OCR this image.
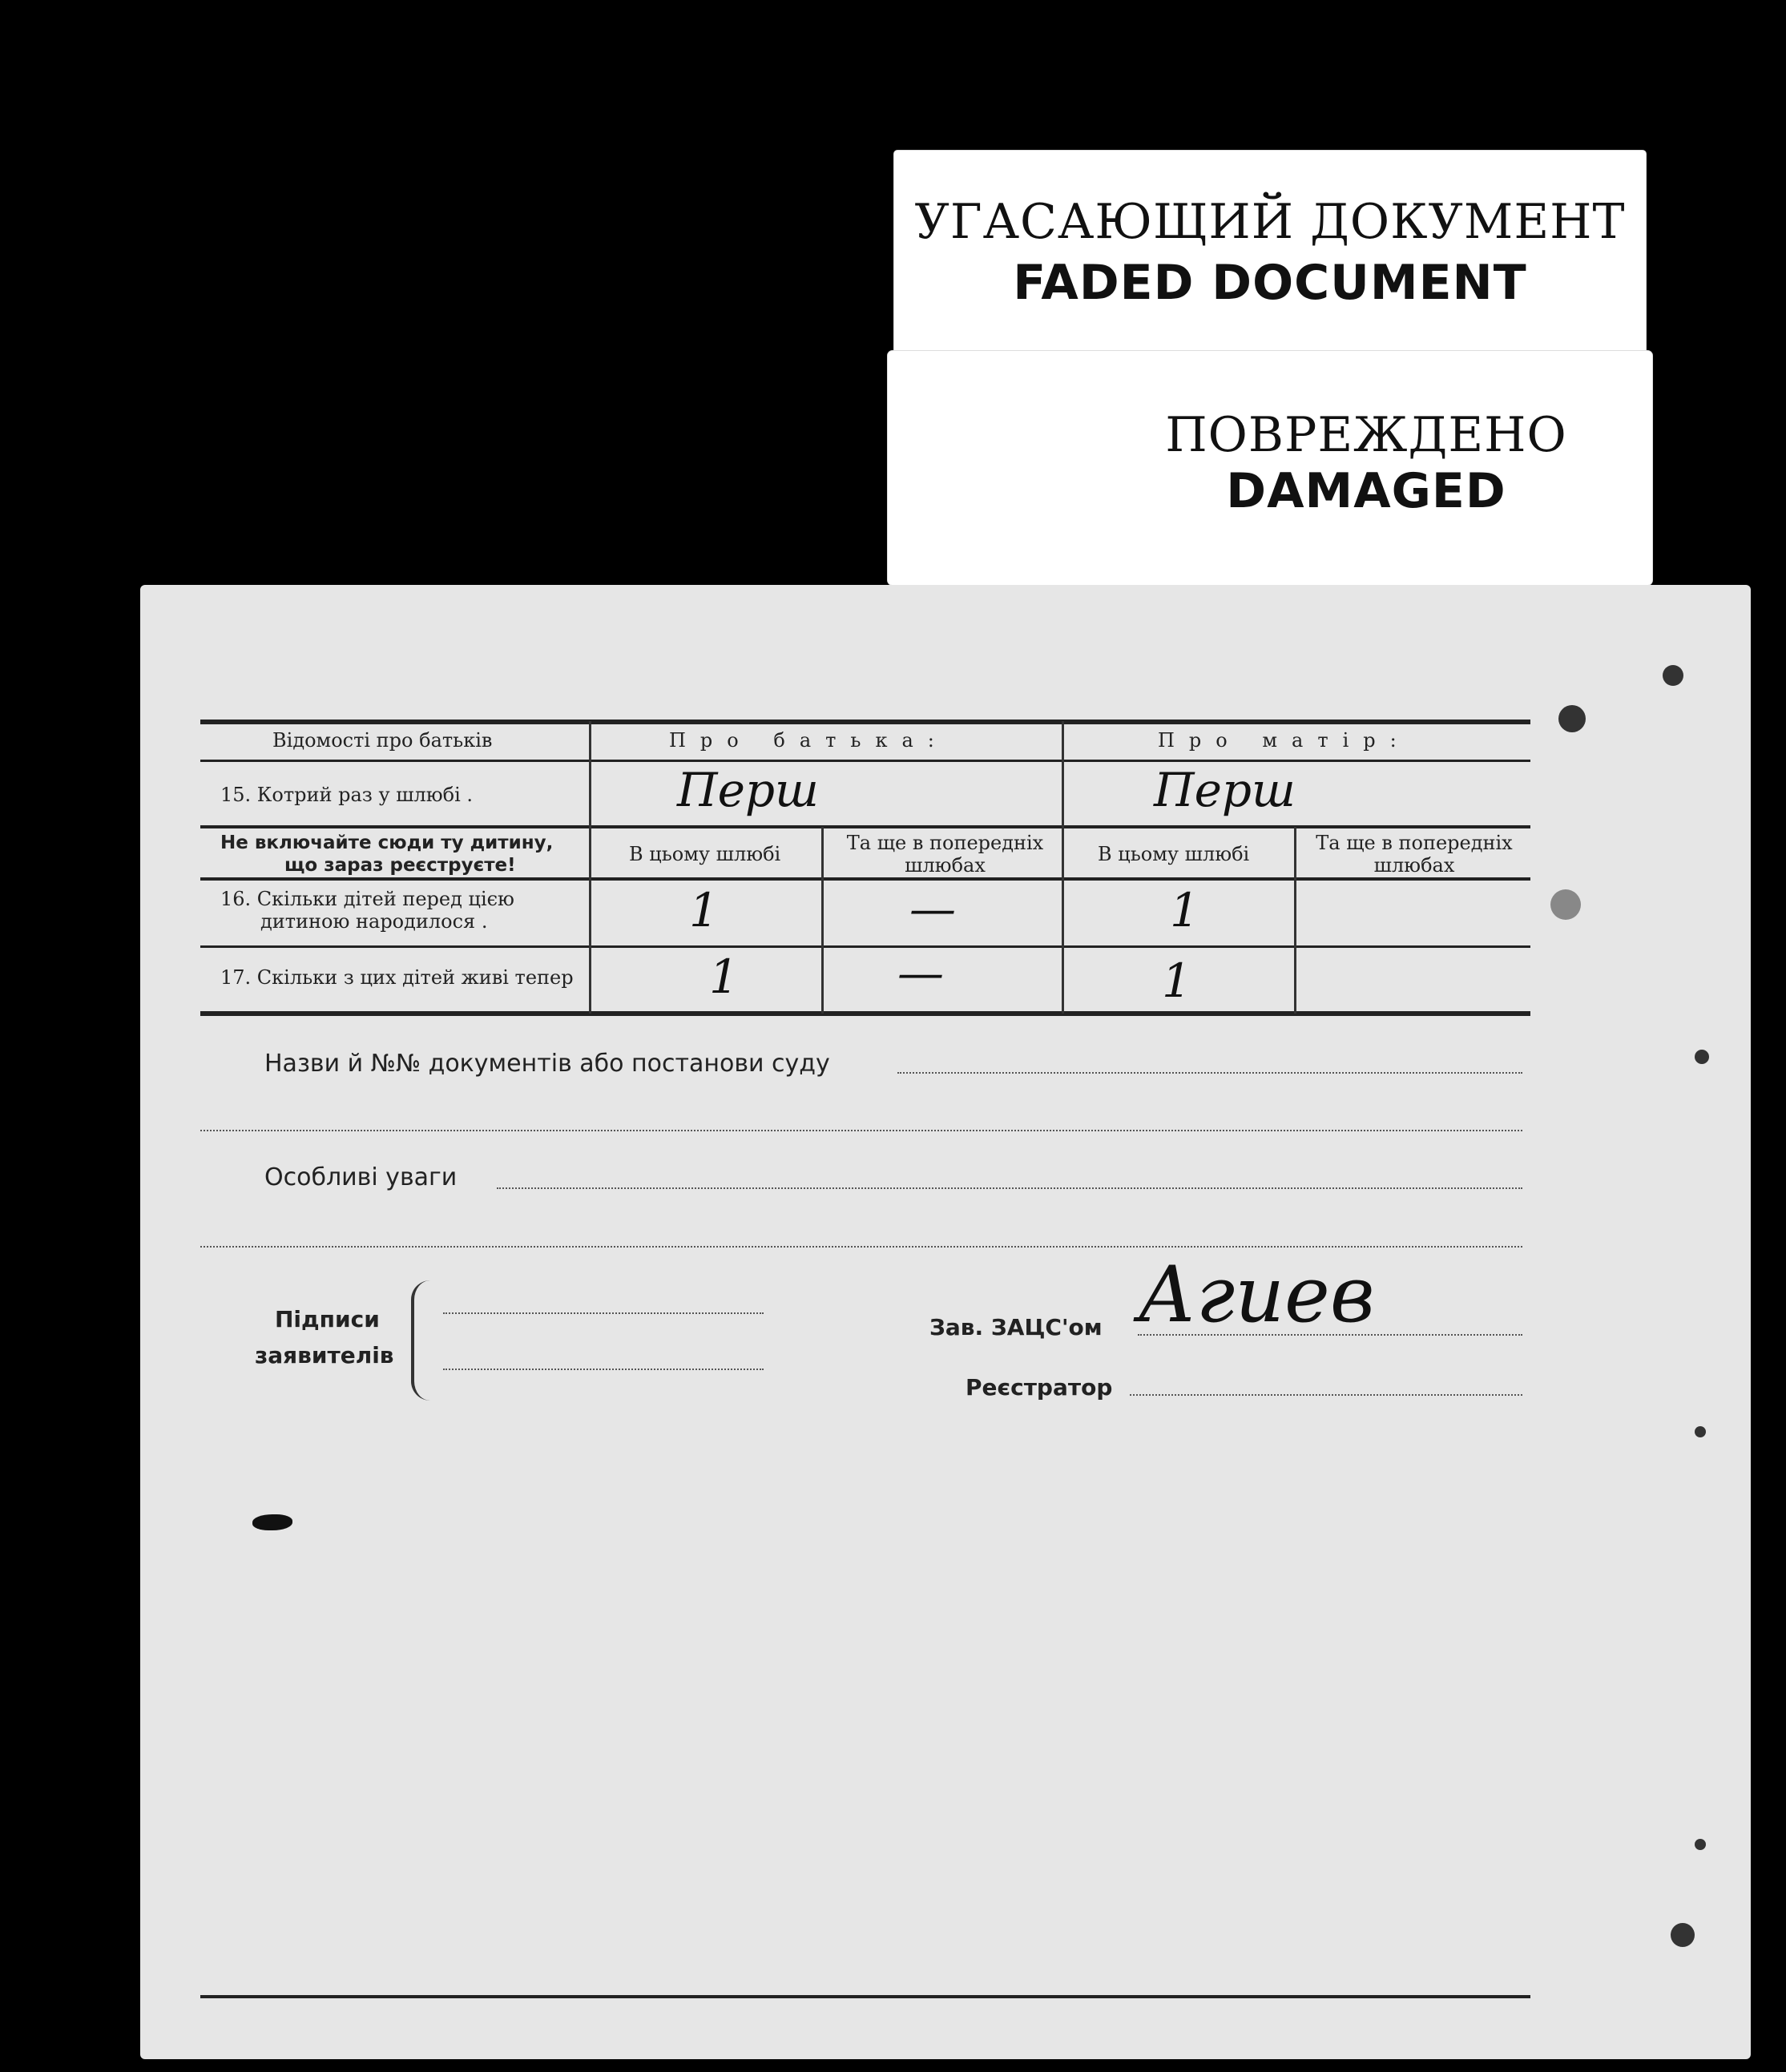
УГАСАЮЩИЙ ДОКУМЕНТ
FADED DOCUMENT
ПОВРЕЖДЕНО
DAMAGED
Відомості про батьків	Про батька:	Про матір:
15. Котрий раз у шлюбі .	Перш	Перш
Не включайте сюди ту дитину,
що зараз реєструєте!	В цьому шлюбі	Та ще в попередніх шлюбах	В цьому шлюбі	Та ще в попередніх шлюбах
16. Скільки дітей перед цією
дитиною народилося .	1	—	1
17. Скільки з цих дітей живі тепер	1	—	1
Назви й №№ документів або постанови суду
Особливі уваги
Підписи
заявителів
Зав. ЗАЦС'ом Агиев
Реєстратор
